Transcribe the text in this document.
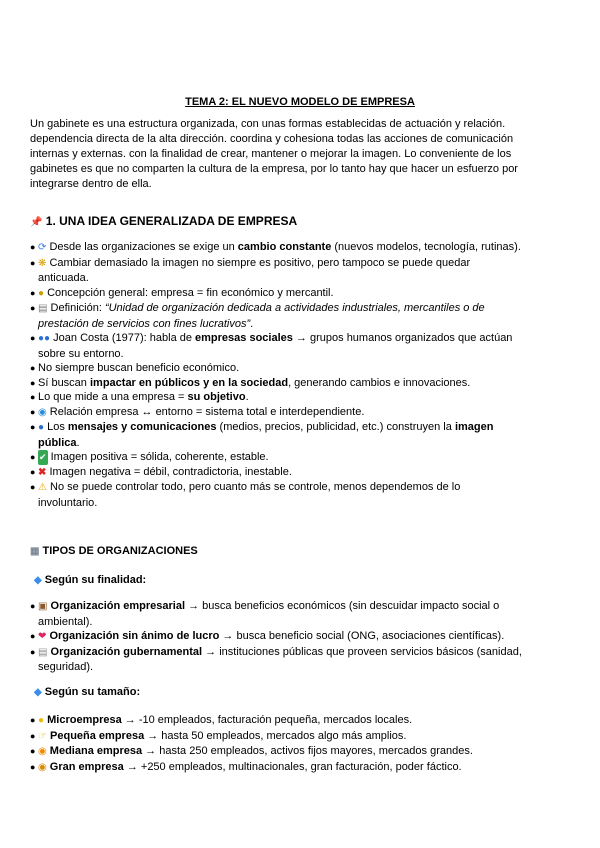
TEMA 2: EL NUEVO MODELO DE EMPRESA

Un gabinete es una estructura organizada, con unas formas establecidas de actuación y relación. dependencia directa de la alta dirección. coordina y cohesiona todas las acciones de comunicación internas y externas. con la finalidad de crear, mantener o mejorar la imagen. Lo conveniente de los gabinetes es que no comparten la cultura de la empresa, por lo tanto hay que hacer un esfuerzo por integrarse dentro de ella.

📌 1. UNA IDEA GENERALIZADA DE EMPRESA
● ⟳ Desde las organizaciones se exige un cambio constante (nuevos modelos, tecnología, rutinas).
● ❋ Cambiar demasiado la imagen no siempre es positivo, pero tampoco se puede quedar anticuada.
● ● Concepción general: empresa = fin económico y mercantil.
● ▤ Definición: “Unidad de organización dedicada a actividades industriales, mercantiles o de prestación de servicios con fines lucrativos”.
● ●● Joan Costa (1977): habla de empresas sociales → grupos humanos organizados que actúan sobre su entorno.
● No siempre buscan beneficio económico.
● Sí buscan impactar en públicos y en la sociedad, generando cambios e innovaciones.
● Lo que mide a una empresa = su objetivo.
● ◉ Relación empresa ↔ entorno = sistema total e interdependiente.
● ● Los mensajes y comunicaciones (medios, precios, publicidad, etc.) construyen la imagen pública.
● ✔ Imagen positiva = sólida, coherente, estable.
● ✖ Imagen negativa = débil, contradictoria, inestable.
● ⚠ No se puede controlar todo, pero cuanto más se controle, menos dependemos de lo involuntario.
▦ TIPOS DE ORGANIZACIONES
◆ Según su finalidad:
● ▣ Organización empresarial → busca beneficios económicos (sin descuidar impacto social o ambiental).
● ❤ Organización sin ánimo de lucro → busca beneficio social (ONG, asociaciones científicas).
● ▤ Organización gubernamental → instituciones públicas que proveen servicios básicos (sanidad, seguridad).
◆ Según su tamaño:
● ● Microempresa → -10 empleados, facturación pequeña, mercados locales.
● ☞ Pequeña empresa → hasta 50 empleados, mercados algo más amplios.
● ◉ Mediana empresa → hasta 250 empleados, activos fijos mayores, mercados grandes.
● ◉ Gran empresa → +250 empleados, multinacionales, gran facturación, poder fáctico.
